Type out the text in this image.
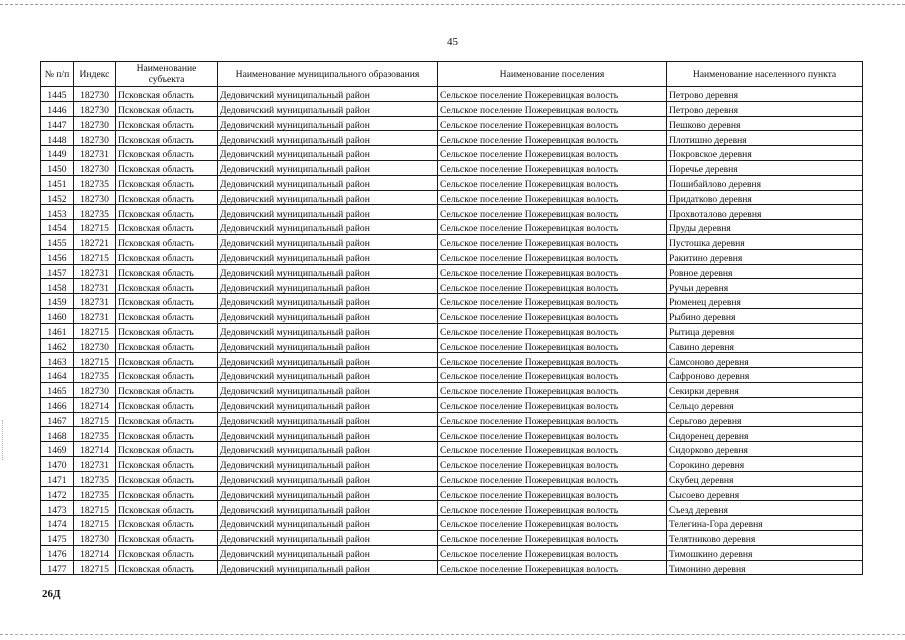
45
№ п/п	Индекс	Наименование субъекта	Наименование муниципального образования	Наименование поселения	Наименование населенного пункта
1445	182730	Псковская область	Дедовичский муниципальный район	Сельское поселение Пожеревицкая волость	Петрово деревня
1446	182730	Псковская область	Дедовичский муниципальный район	Сельское поселение Пожеревицкая волость	Петрово деревня
1447	182730	Псковская область	Дедовичский муниципальный район	Сельское поселение Пожеревицкая волость	Пешково деревня
1448	182730	Псковская область	Дедовичский муниципальный район	Сельское поселение Пожеревицкая волость	Плотишно деревня
1449	182731	Псковская область	Дедовичский муниципальный район	Сельское поселение Пожеревицкая волость	Покровское деревня
1450	182730	Псковская область	Дедовичский муниципальный район	Сельское поселение Пожеревицкая волость	Поречье деревня
1451	182735	Псковская область	Дедовичский муниципальный район	Сельское поселение Пожеревицкая волость	Пошибайлово деревня
1452	182730	Псковская область	Дедовичский муниципальный район	Сельское поселение Пожеревицкая волость	Придатково деревня
1453	182735	Псковская область	Дедовичский муниципальный район	Сельское поселение Пожеревицкая волость	Прохвоталово деревня
1454	182715	Псковская область	Дедовичский муниципальный район	Сельское поселение Пожеревицкая волость	Пруды деревня
1455	182721	Псковская область	Дедовичский муниципальный район	Сельское поселение Пожеревицкая волость	Пустошка деревня
1456	182715	Псковская область	Дедовичский муниципальный район	Сельское поселение Пожеревицкая волость	Ракитино деревня
1457	182731	Псковская область	Дедовичский муниципальный район	Сельское поселение Пожеревицкая волость	Ровное деревня
1458	182731	Псковская область	Дедовичский муниципальный район	Сельское поселение Пожеревицкая волость	Ручьи деревня
1459	182731	Псковская область	Дедовичский муниципальный район	Сельское поселение Пожеревицкая волость	Рюменец деревня
1460	182731	Псковская область	Дедовичский муниципальный район	Сельское поселение Пожеревицкая волость	Рыбино деревня
1461	182715	Псковская область	Дедовичский муниципальный район	Сельское поселение Пожеревицкая волость	Рытица деревня
1462	182730	Псковская область	Дедовичский муниципальный район	Сельское поселение Пожеревицкая волость	Савино деревня
1463	182715	Псковская область	Дедовичский муниципальный район	Сельское поселение Пожеревицкая волость	Самсоново деревня
1464	182735	Псковская область	Дедовичский муниципальный район	Сельское поселение Пожеревицкая волость	Сафроново деревня
1465	182730	Псковская область	Дедовичский муниципальный район	Сельское поселение Пожеревицкая волость	Секирки деревня
1466	182714	Псковская область	Дедовичский муниципальный район	Сельское поселение Пожеревицкая волость	Сельцо деревня
1467	182715	Псковская область	Дедовичский муниципальный район	Сельское поселение Пожеревицкая волость	Серьгово деревня
1468	182735	Псковская область	Дедовичский муниципальный район	Сельское поселение Пожеревицкая волость	Сидоренец деревня
1469	182714	Псковская область	Дедовичский муниципальный район	Сельское поселение Пожеревицкая волость	Сидорково деревня
1470	182731	Псковская область	Дедовичский муниципальный район	Сельское поселение Пожеревицкая волость	Сорокино деревня
1471	182735	Псковская область	Дедовичский муниципальный район	Сельское поселение Пожеревицкая волость	Скубец деревня
1472	182735	Псковская область	Дедовичский муниципальный район	Сельское поселение Пожеревицкая волость	Сысоево деревня
1473	182715	Псковская область	Дедовичский муниципальный район	Сельское поселение Пожеревицкая волость	Съезд деревня
1474	182715	Псковская область	Дедовичский муниципальный район	Сельское поселение Пожеревицкая волость	Телегина-Гора деревня
1475	182730	Псковская область	Дедовичский муниципальный район	Сельское поселение Пожеревицкая волость	Телятниково деревня
1476	182714	Псковская область	Дедовичский муниципальный район	Сельское поселение Пожеревицкая волость	Тимошкино деревня
1477	182715	Псковская область	Дедовичский муниципальный район	Сельское поселение Пожеревицкая волость	Тимонино деревня
26Д
